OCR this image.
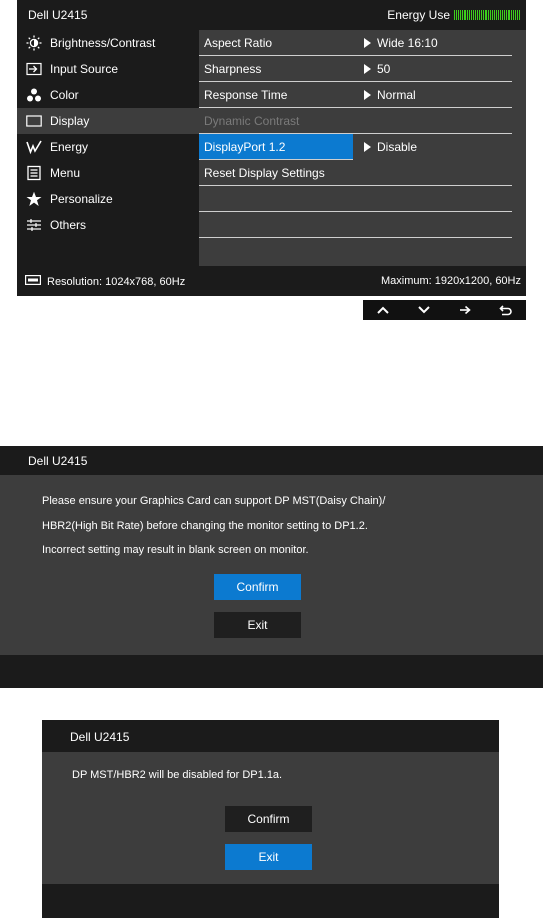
Dell U2415	Energy Use
Brightness/Contrast
Input Source
Color
Display
Energy
Menu
Personalize
Others
Aspect Ratio
Sharpness
Response Time
Dynamic Contrast
DisplayPort 1.2
Reset Display Settings
Wide 16:10
50
Normal
Disable
Resolution: 1024x768, 60Hz	Maximum: 1920x1200, 60Hz
Dell U2415
Please ensure your Graphics Card can support DP MST(Daisy Chain)/
HBR2(High Bit Rate) before changing the monitor setting to DP1.2.
Incorrect setting may result in blank screen on monitor.
Confirm
Exit
Dell U2415
DP MST/HBR2 will be disabled for DP1.1a.
Confirm
Exit
